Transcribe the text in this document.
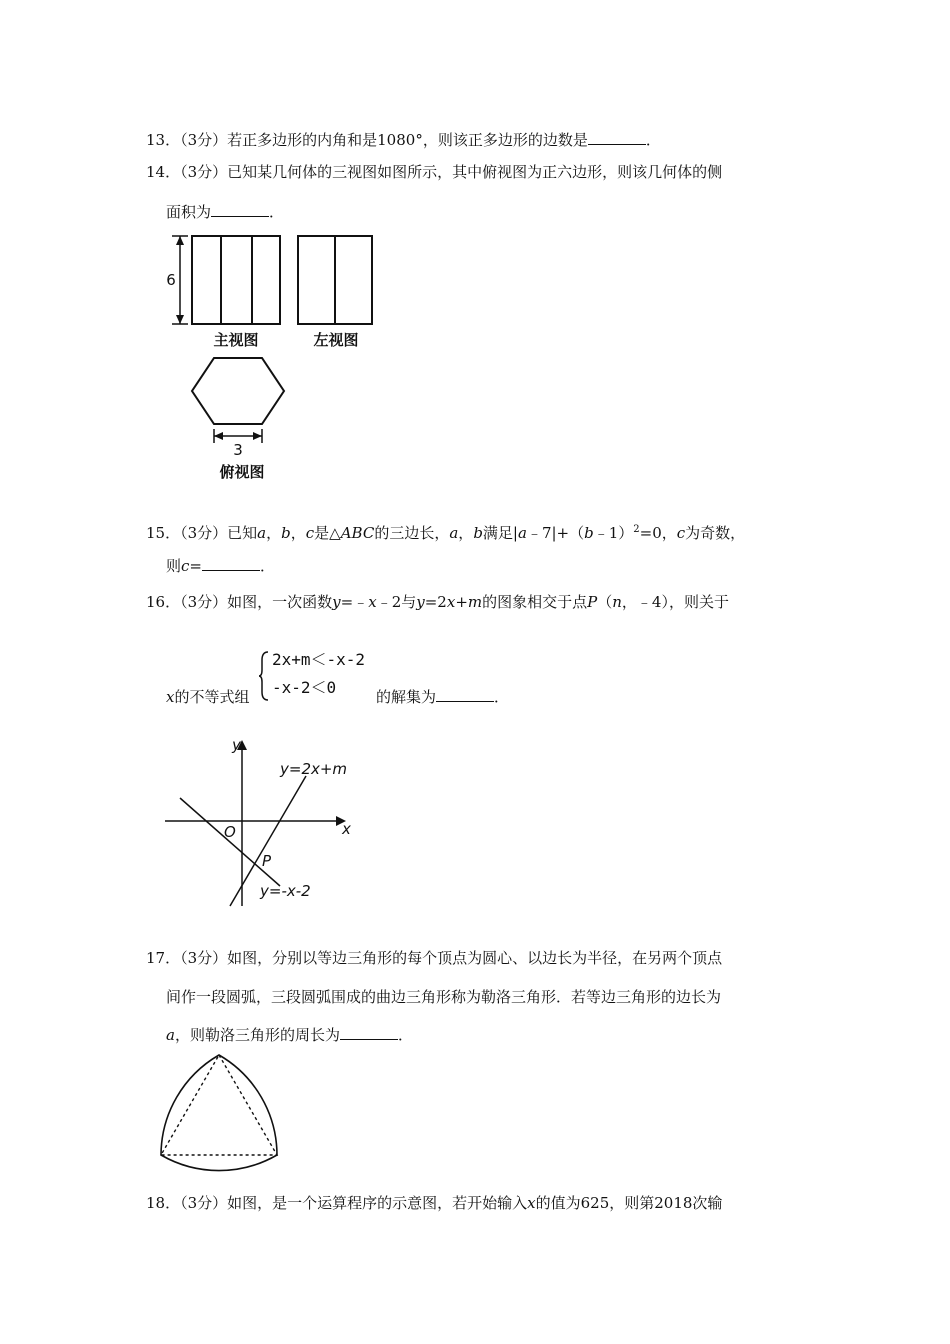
13．（3分）若正多边形的内角和是1080°，则该正多边形的边数是	．
14．（3分）已知某几何体的三视图如图所示，其中俯视图为正六边形，则该几何体的侧
面积为	．
6
主视图	左视图
3
俯视图
15．（3分）已知a，b，c是△ABC的三边长，a，b满足|a﹣7|+（b﹣1）$^2$=0，c为奇数，
则c=	．
16．（3分）如图，一次函数y=﹣x﹣2与y=2x+m的图象相交于点P（n，﹣4），则关于
2x+m＜-x-2
-x-2＜0
x的不等式组	的解集为	．
y
x
O
P
y=2x+m
y=-x-2
17．（3分）如图，分别以等边三角形的每个顶点为圆心、以边长为半径，在另两个顶点
间作一段圆弧，三段圆弧围成的曲边三角形称为勒洛三角形．若等边三角形的边长为
a，则勒洛三角形的周长为	．
18．（3分）如图，是一个运算程序的示意图，若开始输入x的值为625，则第2018次输
